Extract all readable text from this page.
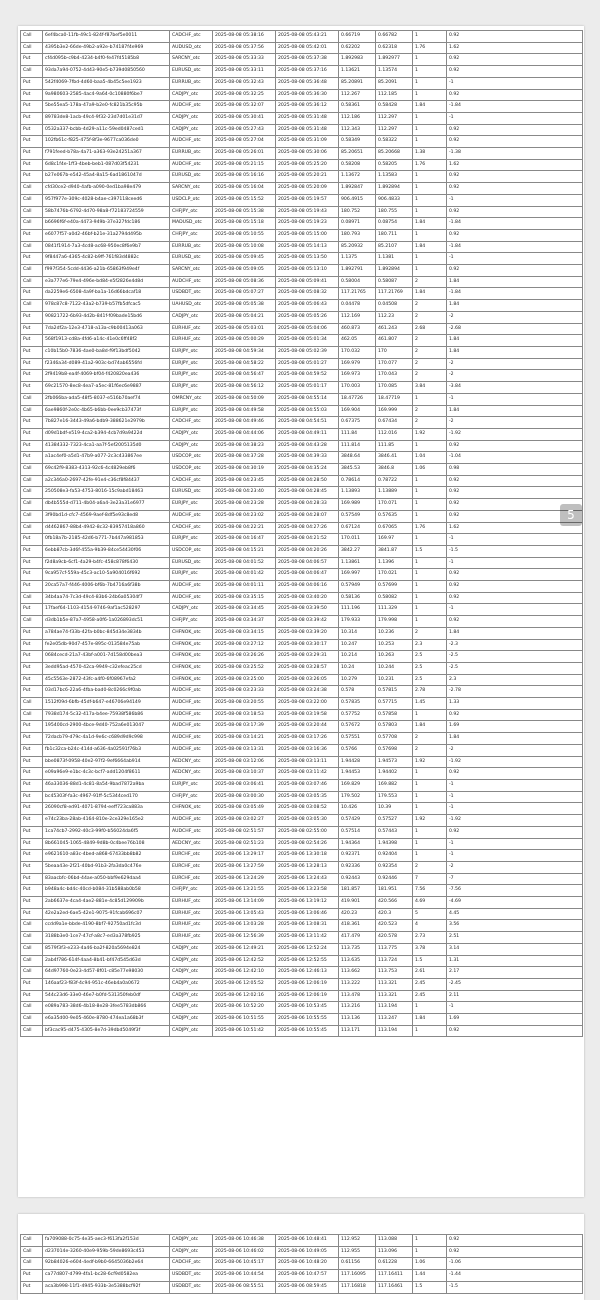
Call	6ef4bca0-11fb-49c1-824f-f87bef5e0011	CADCHF_otc	2025-08-08 05:38:16	2025-08-08 05:43:21	0.66719	0.66782	1	0.92
Call	4395b3e2-66de-49b2-a92e-b74187f4e969	AUDUSD_otc	2025-08-08 05:37:56	2025-08-08 05:42:01	0.62202	0.62318	1.76	1.62
Put	cf4d095b-c9b4-4234-b4f0-fe47fd5185b8	SARCNY_otc	2025-08-08 05:33:33	2025-08-08 05:37:38	1.892983	1.892977	1	0.92
Call	93da7a94-0752-4d43-90e5-b739d0850560	EURUSD_otc	2025-08-08 05:33:11	2025-08-08 05:37:16	1.13621	1.13574	1	0.92
Put	542f4069-7fbd-4d60-baa5-4b45c5ee1923	EURRUB_otc	2025-08-08 05:32:43	2025-08-08 05:36:48	85.20891	85.2091	1	-1
Put	9a980603-2585-4ac4-9a64-0c10880f6be7	CADJPY_otc	2025-08-08 05:32:25	2025-08-08 05:36:30	112.267	112.185	1	0.92
Put	5be55ea5-178a-47a9-b2e0-fc821b35c95b	AUDCHF_otc	2025-08-08 05:32:07	2025-08-08 05:36:12	0.58361	0.58428	1.84	-1.84
Put	89783de8-1acb-49c4-9f32-23d7d01e31d7	CADJPY_otc	2025-08-08 05:30:41	2025-08-08 05:31:48	112.186	112.297	1	-1
Put	0532a337-bcbb-4d29-a11c-59ed0487ced1	CADJPY_otc	2025-08-08 05:27:43	2025-08-08 05:31:48	112.343	112.297	1	0.92
Put	102fb61c-f825-475f-8f3e-9677ca036de0	AUDCHF_otc	2025-08-08 05:27:04	2025-08-08 05:31:09	0.58349	0.58322	1	0.92
Put	f791feed-b78a-4a71-a363-93e24251a367	EURRUB_otc	2025-08-08 05:26:01	2025-08-08 05:30:06	85.20651	85.20668	1.38	-1.38
Put	6d8c1f4e-1ff3-4beb-beb1-087d03f54231	AUDCHF_otc	2025-08-08 05:21:15	2025-08-08 05:25:20	0.58208	0.58205	1.76	1.62
Put	b27e067b-e542-45a4-8a15-6ad1861047d	EURUSD_otc	2025-08-08 05:16:16	2025-08-08 05:20:21	1.13672	1.13583	1	0.92
Call	cfd30ce2-d940-4afb-a090-0ed1ba98e479	SARCNY_otc	2025-08-08 05:16:04	2025-08-08 05:20:09	1.892847	1.892894	1	0.92
Call	957f977e-309c-4028-b4ae-c397118ceed6	USDCLP_otc	2025-08-08 05:15:52	2025-08-08 05:19:57	906.4915	906.4833	1	-1
Call	58b7476b-6792-4d70-98a8-f72183724559	CHFJPY_otc	2025-08-08 05:15:38	2025-08-08 05:19:43	180.752	180.755	1	0.92
Call	b6696f6f-e40a-4473-949b-37e327fdc186	MADUSD_otc	2025-08-08 05:15:18	2025-08-08 05:19:23	0.08971	0.08754	1.84	-1.84
Put	e6077f57-a0d2-46bf-b21e-31a2794d495b	CHFJPY_otc	2025-08-08 05:10:55	2025-08-08 05:15:00	180.793	180.711	1	0.92
Call	0841f1914-7a3-4cd8-ac68-950ec8f6e9b7	EURRUB_otc	2025-08-08 05:10:08	2025-08-08 05:14:13	85.20932	85.2107	1.84	-1.84
Put	9f8447a6-4365-4c82-b9ff-761f83d4882c	EURUSD_otc	2025-08-08 05:09:45	2025-08-08 05:13:50	1.1375	1.1381	1	-1
Call	f997f354-5cdd-4436-a21b-65863f949e4f	SARCNY_otc	2025-08-08 05:09:05	2025-08-08 05:13:10	1.892791	1.892894	1	0.92
Call	e3a777e6-79e4-496e-bd84-e5f2826e4d8d	AUDCHF_otc	2025-08-08 05:08:36	2025-08-08 05:09:41	0.58004	0.58087	2	1.84
Put	da2259e6-6508-4a9f-ba1a-16d66bdcaf18	USDBDT_otc	2025-08-08 05:07:27	2025-08-08 05:08:32	117.21765	117.21769	1.84	-1.84
Call	978c87c8-7122-43a2-b739-b57fb5dfcac5	UAHUSD_otc	2025-08-08 05:05:38	2025-08-08 05:06:43	0.04478	0.04508	2	1.84
Put	90821722-6b93-4d2b-841f-f09bade15bd6	CADJPY_otc	2025-08-08 05:04:21	2025-08-08 05:05:26	112.169	112.23	2	-2
Put	7da2df2a-12e3-4718-a13a-c9b00413a063	EURHUF_otc	2025-08-08 05:03:01	2025-08-08 05:04:06	460.873	461.243	2.68	-2.68
Put	568f1913-cd8a-4fd6-a14c-41e0c6ff48f2	EURHUF_otc	2025-08-08 05:00:29	2025-08-08 05:01:34	462.05	461.807	2	1.84
Put	c10b15b0-7836-4ae0-ba8d-f9f13bdf5042	EURJPY_otc	2025-08-08 04:59:34	2025-08-08 05:02:39	170.032	170	2	1.84
Put	f2346a34-d089-41a2-903c-bd74ab6556fd	EURJPY_otc	2025-08-08 04:58:22	2025-08-08 05:01:27	169.979	170.077	2	-2
Put	2f9419b8-ea4f-4069-bf04-f420820ea436	EURJPY_otc	2025-08-08 04:56:47	2025-08-08 04:59:52	169.973	170.043	2	-2
Put	69c21570-8ec8-4ea7-a5ec-81f6ec6e9887	EURJPY_otc	2025-08-08 04:56:12	2025-08-08 05:01:17	170.003	170.085	3.84	-3.84
Call	2fb066ba-ada5-48f5-8037-e516b70aef74	OMRCNY_otc	2025-08-08 04:50:09	2025-08-08 04:55:14	18.47726	18.47719	1	-1
Call	6ae9860f-2e0c-4b65-b6bb-0ee9cb37473f	EURJPY_otc	2025-08-08 04:49:58	2025-08-08 04:55:03	169.904	169.999	2	1.84
Put	7b827e16-3443-49a6-bdb9-388621e2979b	CADCHF_otc	2025-08-08 04:49:46	2025-08-08 04:54:51	0.67375	0.67434	2	-2
Put	d09d1bdf-e519-4ca2-b394-4cb7d9a9422d	CADJPY_otc	2025-08-08 04:44:06	2025-08-08 04:49:11	111.84	112.016	1.92	-1.92
Put	41384332-7323-4ca1-aa7f-5ef2005135d0	CADJPY_otc	2025-08-08 04:38:23	2025-08-08 04:43:28	111.814	111.85	1	0.92
Put	a1ac4ef0-a5d1-47b9-a077-2c3c433867ee	USDCOP_otc	2025-08-08 04:37:28	2025-08-08 04:39:33	3848.64	3846.41	1.04	-1.04
Call	69c42f9-8383-4313-92c6-4c4829eb8f6	USDCOP_otc	2025-08-08 04:30:19	2025-08-08 04:35:24	3845.53	3846.8	1.06	0.98
Call	a2c346a0-2697-42fe-91e4-c36cf8f84437	CADCHF_otc	2025-08-08 04:23:45	2025-08-08 04:28:50	0.78614	0.78722	1	0.92
Call	250508e3-fa53-4753-8016-15c9abd18463	EURUSD_otc	2025-08-08 04:23:40	2025-08-08 04:28:45	1.13893	1.13889	1	0.92
Call	db4b555d-d711-4b04-a6a4-3e23a31e6977	EURJPY_otc	2025-08-08 04:23:28	2025-08-08 04:28:33	169.989	170.071	1	0.92
Call	3f90bd1d-cfc7-4569-9aef-8df5e93c8ed8	AUDCHF_otc	2025-08-08 04:23:02	2025-08-08 04:28:07	0.57549	0.57635	1	0.92
Call	d4462867-88b4-4942-8c32-83957418a860	CADCHF_otc	2025-08-08 04:22:21	2025-08-08 04:27:26	0.67124	0.67065	1.76	1.62
Put	0fb18a7b-2185-42d6-b771-7b447a981853	EURJPY_otc	2025-08-08 04:16:47	2025-08-08 04:21:52	170.011	169.97	1	-1
Put	6ebb87cb-3d6f-455a-9b39-84ce54430f06	USDCOP_otc	2025-08-08 04:15:21	2025-08-08 04:20:26	3842.27	3841.87	1.5	-1.5
Put	f2d8a9cb-6cf1-4a29-b4fc-458c878f6430	EURUSD_otc	2025-08-08 04:01:52	2025-08-08 04:06:57	1.13861	1.1396	1	-1
Put	9ca957cf-559a-45c3-ac10-5a904016f692	EURJPY_otc	2025-08-08 04:01:42	2025-08-08 04:06:47	169.997	170.021	1	0.92
Put	20ca57a7-f446-4006-bf6b-7b4716a6f38b	AUDCHF_otc	2025-08-08 04:01:11	2025-08-08 04:06:16	0.57949	0.57699	1	0.92
Call	34b4aa74-7c3d-49c4-83b6-24b6a05304f7	AUDCHF_otc	2025-08-08 03:35:15	2025-08-08 03:40:20	0.58136	0.58082	1	0.92
Put	17faef64-1103-4154-9746-9af1ac528297	CADJPY_otc	2025-08-08 03:34:45	2025-08-08 03:39:50	111.196	111.329	1	-1
Call	d3db1b5e-87a7-4958-a0f6-1a026893dc51	CHFJPY_otc	2025-08-08 03:34:37	2025-08-08 03:39:42	179.933	179.998	1	0.92
Put	a784ae74-f33b-42fa-b0bc-845d34e3834b	CHFNOK_otc	2025-08-08 03:34:15	2025-08-08 03:39:20	10.314	10.236	2	1.84
Put	fe2e05db-90d7-457e-895c-013584e75ab	CHFNOK_otc	2025-08-08 03:27:12	2025-08-08 03:30:17	10.247	10.253	2.3	-2.3
Put	0684cecd-21a7-43bf-a001-7d158d00bea3	CHFNOK_otc	2025-08-08 03:26:26	2025-08-08 03:29:31	10.214	10.263	2.5	-2.5
Put	3edd95ad-4570-42ca-9949-c32efeac25cd	CHFNOK_otc	2025-08-08 03:25:52	2025-08-08 03:28:57	10.24	10.244	2.5	-2.5
Put	45c5563e-2872-43fc-a4f0-6f08967efa2	CHFNOK_otc	2025-08-08 03:25:00	2025-08-08 03:26:05	10.279	10.231	2.5	2.3
Put	03d17bc6-22a6-4fba-bad0-8c0266c9f0ab	AUDCHF_otc	2025-08-08 03:23:33	2025-08-08 03:24:38	0.578	0.57815	2.78	-2.78
Call	1512f09d-6bfb-45df-b647-e46706e94149	AUDCHF_otc	2025-08-08 03:20:55	2025-08-08 03:22:00	0.57835	0.57715	1.45	1.33
Call	7938d174-5c32-417a-b4ee-75938f586b86	AUDCHF_otc	2025-08-08 03:18:53	2025-08-08 03:19:58	0.57752	0.57858	1	0.92
Put	195400cd-2900-4bce-9d40-752a6e013047	AUDCHF_otc	2025-08-08 03:17:39	2025-08-08 03:20:44	0.57672	0.57803	1.84	1.69
Put	72dacb79-d79c-4a1d-9e6c-c689d9d9c998	AUDCHF_otc	2025-08-08 03:14:21	2025-08-08 03:17:26	0.57551	0.57708	2	1.84
Put	fb1c32ca-b24c-414d-a636-4a02591f76b3	AUDCHF_otc	2025-08-08 03:13:31	2025-08-08 03:16:36	0.5766	0.57698	2	-2
Put	bbe0873f-0958-40e2-97f2-9ef6664ab914	AEDCNY_otc	2025-08-08 03:12:06	2025-08-08 03:13:11	1.94428	1.94573	1.92	-1.92
Put	e09a96e9-e1bc-4c3c-bcf7-add1204f8611	AEDCNY_otc	2025-08-08 03:10:37	2025-08-08 03:11:42	1.94453	1.94402	1	0.92
Put	46a33036-88d1-4c81-8a54-9bad7872a9ba	EURJPY_otc	2025-08-08 03:06:41	2025-08-08 03:07:46	169.829	169.882	1	-1
Put	bc45303f-fa3c-4967-91ff-5c5344ced170	CHFJPY_otc	2025-08-08 03:00:30	2025-08-08 03:05:35	179.502	179.553	1	-1
Put	26090cf8-ed91-4071-8794-eeff723ca883a	CHFNOK_otc	2025-08-08 03:05:49	2025-08-08 03:08:52	10.426	10.39	1	-1
Put	e74c23ba-28ab-4164-810e-2ce329e165e2	AUDCHF_otc	2025-08-08 03:02:27	2025-08-08 03:05:30	0.57429	0.57527	1.92	-1.92
Put	1ca74cb7-2992-40c3-99f0-b56024da6f5	AUDCHF_otc	2025-08-08 02:51:57	2025-08-08 02:55:00	0.57514	0.57443	1	0.92
Put	8b661045-1065-4849-9d8b-0c4bee76b108	AEDCNY_otc	2025-08-08 02:51:23	2025-08-08 02:54:26	1.94364	1.94398	1	-1
Put	e9621610-a83c-4bed-a868-67433bb8b82	EURCHF_otc	2025-08-06 13:29:17	2025-08-06 13:30:18	0.92371	0.92404	1	-1
Put	5beaa43e-2f21-40bd-91b3-2fa3da0c476e	EURCHF_otc	2025-08-06 13:27:59	2025-08-06 13:28:13	0.92336	0.92354	2	-2
Put	83aacbfc-06bd-44ae-a050-bbf9e629daa4	EURCHF_otc	2025-08-06 13:24:29	2025-08-06 13:24:43	0.92443	0.92446	7	-7
Put	b948a4c-bd4c-40cd-b084-31b588ab0b58	CHFJPY_otc	2025-08-06 13:21:55	2025-08-06 13:23:58	181.857	181.951	7.56	-7.56
Put	2ab6637e-4ca4-4ae2-881e-4c85d129909b	EURHUF_otc	2025-08-06 13:14:09	2025-08-06 13:19:12	419.901	420.566	4.69	-4.69
Put	42e2a2ed-6ae5-42e1-9075-91fcab696c07	EURHUF_otc	2025-08-06 13:05:43	2025-08-06 13:06:46	420.23	420.3	5	4.45
Call	ccdd9a1e-bbde-4190-8bf7-92750ad1fc3d	EURHUF_otc	2025-08-06 13:03:28	2025-08-06 13:08:31	418.361	420.523	4	3.56
Call	3188b3e0-1ce7-47cf-a8c7-ed3a378fb925	EURHUF_otc	2025-08-06 12:56:39	2025-08-06 13:11:42	417.479	420.578	2.73	2.51
Call	8579f3f3-e233-4a46-ba2f-820a5694e824	CADJPY_otc	2025-08-06 12:49:21	2025-08-06 12:52:24	113.735	113.775	3.78	3.14
Call	2ab4f786-614f-4aa4-8b41-bf47d545d63d	CADJPY_otc	2025-08-06 12:42:52	2025-08-06 12:52:55	113.635	113.724	1.5	1.31
Call	64d97760-0e23-4d57-8f01-c85e77e98030	CADJPY_otc	2025-08-06 12:42:10	2025-08-06 12:46:13	113.662	113.753	2.61	2.17
Put	146aaf23-f83f-4c94-951c-46eb4a0a0672	CADJPY_otc	2025-08-06 12:05:52	2025-08-06 12:06:19	113.222	113.321	2.45	-2.45
Put	544c23d6-33e0-46e7-b0fd-531350feb0df	CADJPY_otc	2025-08-06 12:02:16	2025-08-06 12:06:19	113.478	113.321	2.45	2.11
Call	e089a783-38d6-4b18-8e28-3fee5783db866	CADJPY_otc	2025-08-06 10:52:20	2025-08-06 10:53:45	113.216	113.194	1	-1
Call	e6a35d00-9e05-460e-8780-474ea1a68b3f	CADJPY_otc	2025-08-06 10:51:55	2025-08-06 10:55:55	113.136	113.247	1.84	1.69
Call	bf3cac95-d475-4305-8e7d-39dbd5049f3f	CADJPY_otc	2025-08-06 10:51:42	2025-08-06 10:55:45	113.171	113.194	1	0.92
5
Call	fa709088-0c75-4e35-aec3-f613fa2f153d	CADJPY_otc	2025-08-06 10:46:38	2025-08-06 10:48:41	112.952	113.088	1	0.92
Call	d237014e-3260-40e9-959b-59de8693c453	CADJPY_otc	2025-08-06 10:46:02	2025-08-06 10:49:05	112.955	113.096	1	0.92
Call	92b84026-e604-4edf-b9b0-6645036b2e64	CADCHF_otc	2025-08-06 10:45:17	2025-08-06 10:48:20	0.61156	0.61228	1.06	-1.06
Put	ca77d807-d799-4fa1-bc28-6cf9d0582ea	USDBDT_otc	2025-08-06 10:44:54	2025-08-06 10:47:57	117.16095	117.16411	1.44	-1.44
Put	aca3b998-11f1-4945-933b-3e5388bcf92f	USDBDT_otc	2025-08-06 08:55:51	2025-08-06 08:59:45	117.16818	117.16461	1.5	-1.5
